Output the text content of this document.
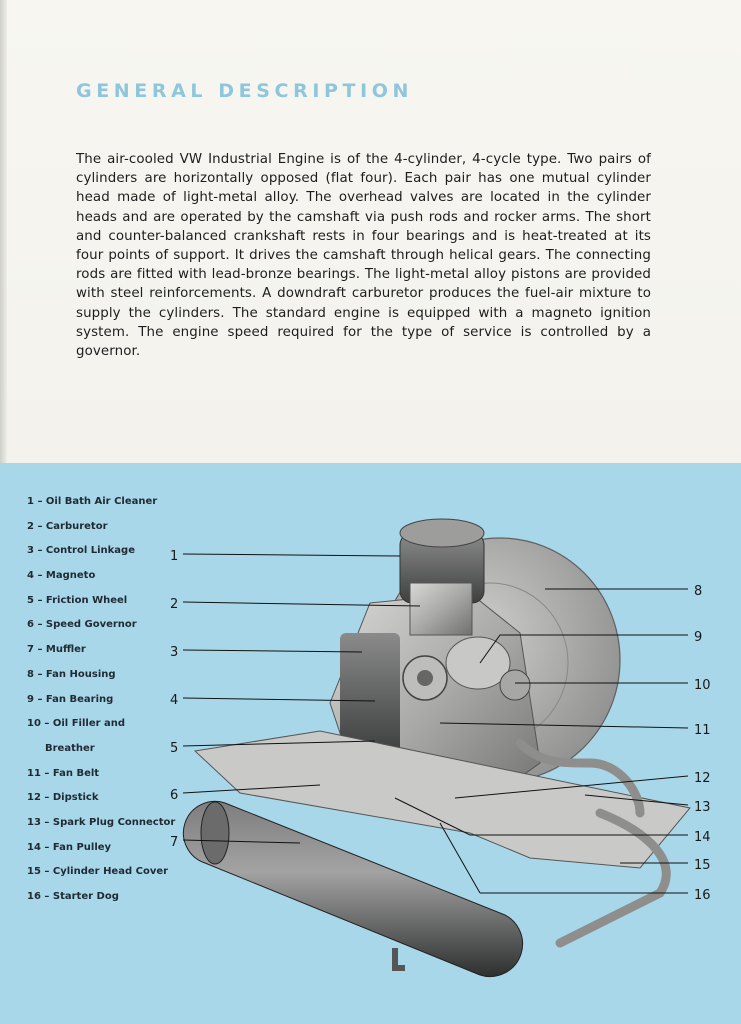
GENERAL DESCRIPTION

The air-cooled VW Industrial Engine is of the 4-cylinder, 4-cycle type. Two pairs of cylinders are horizontally opposed (flat four). Each pair has one mutual cylinder head made of light-metal alloy. The overhead valves are located in the cylinder heads and are operated by the camshaft via push rods and rocker arms. The short and counter-balanced crankshaft rests in four bearings and is heat-treated at its four points of support. It drives the camshaft through helical gears. The connecting rods are fitted with lead-bronze bearings. The light-metal alloy pistons are provided with steel reinforcements. A downdraft carburetor produces the fuel-air mixture to supply the cylinders. The standard engine is equipped with a magneto ignition system. The engine speed required for the type of service is controlled by a governor.

1 – Oil Bath Air Cleaner
2 – Carburetor
3 – Control Linkage
4 – Magneto
5 – Friction Wheel
6 – Speed Governor
7 – Muffler
8 – Fan Housing
9 – Fan Bearing
10 – Oil Filler and
Breather
11 – Fan Belt
12 – Dipstick
13 – Spark Plug Connector
14 – Fan Pulley
15 – Cylinder Head Cover
16 – Starter Dog
1
2
3
4
5
6
7
8
9
10
11
12
13
14
15
16
